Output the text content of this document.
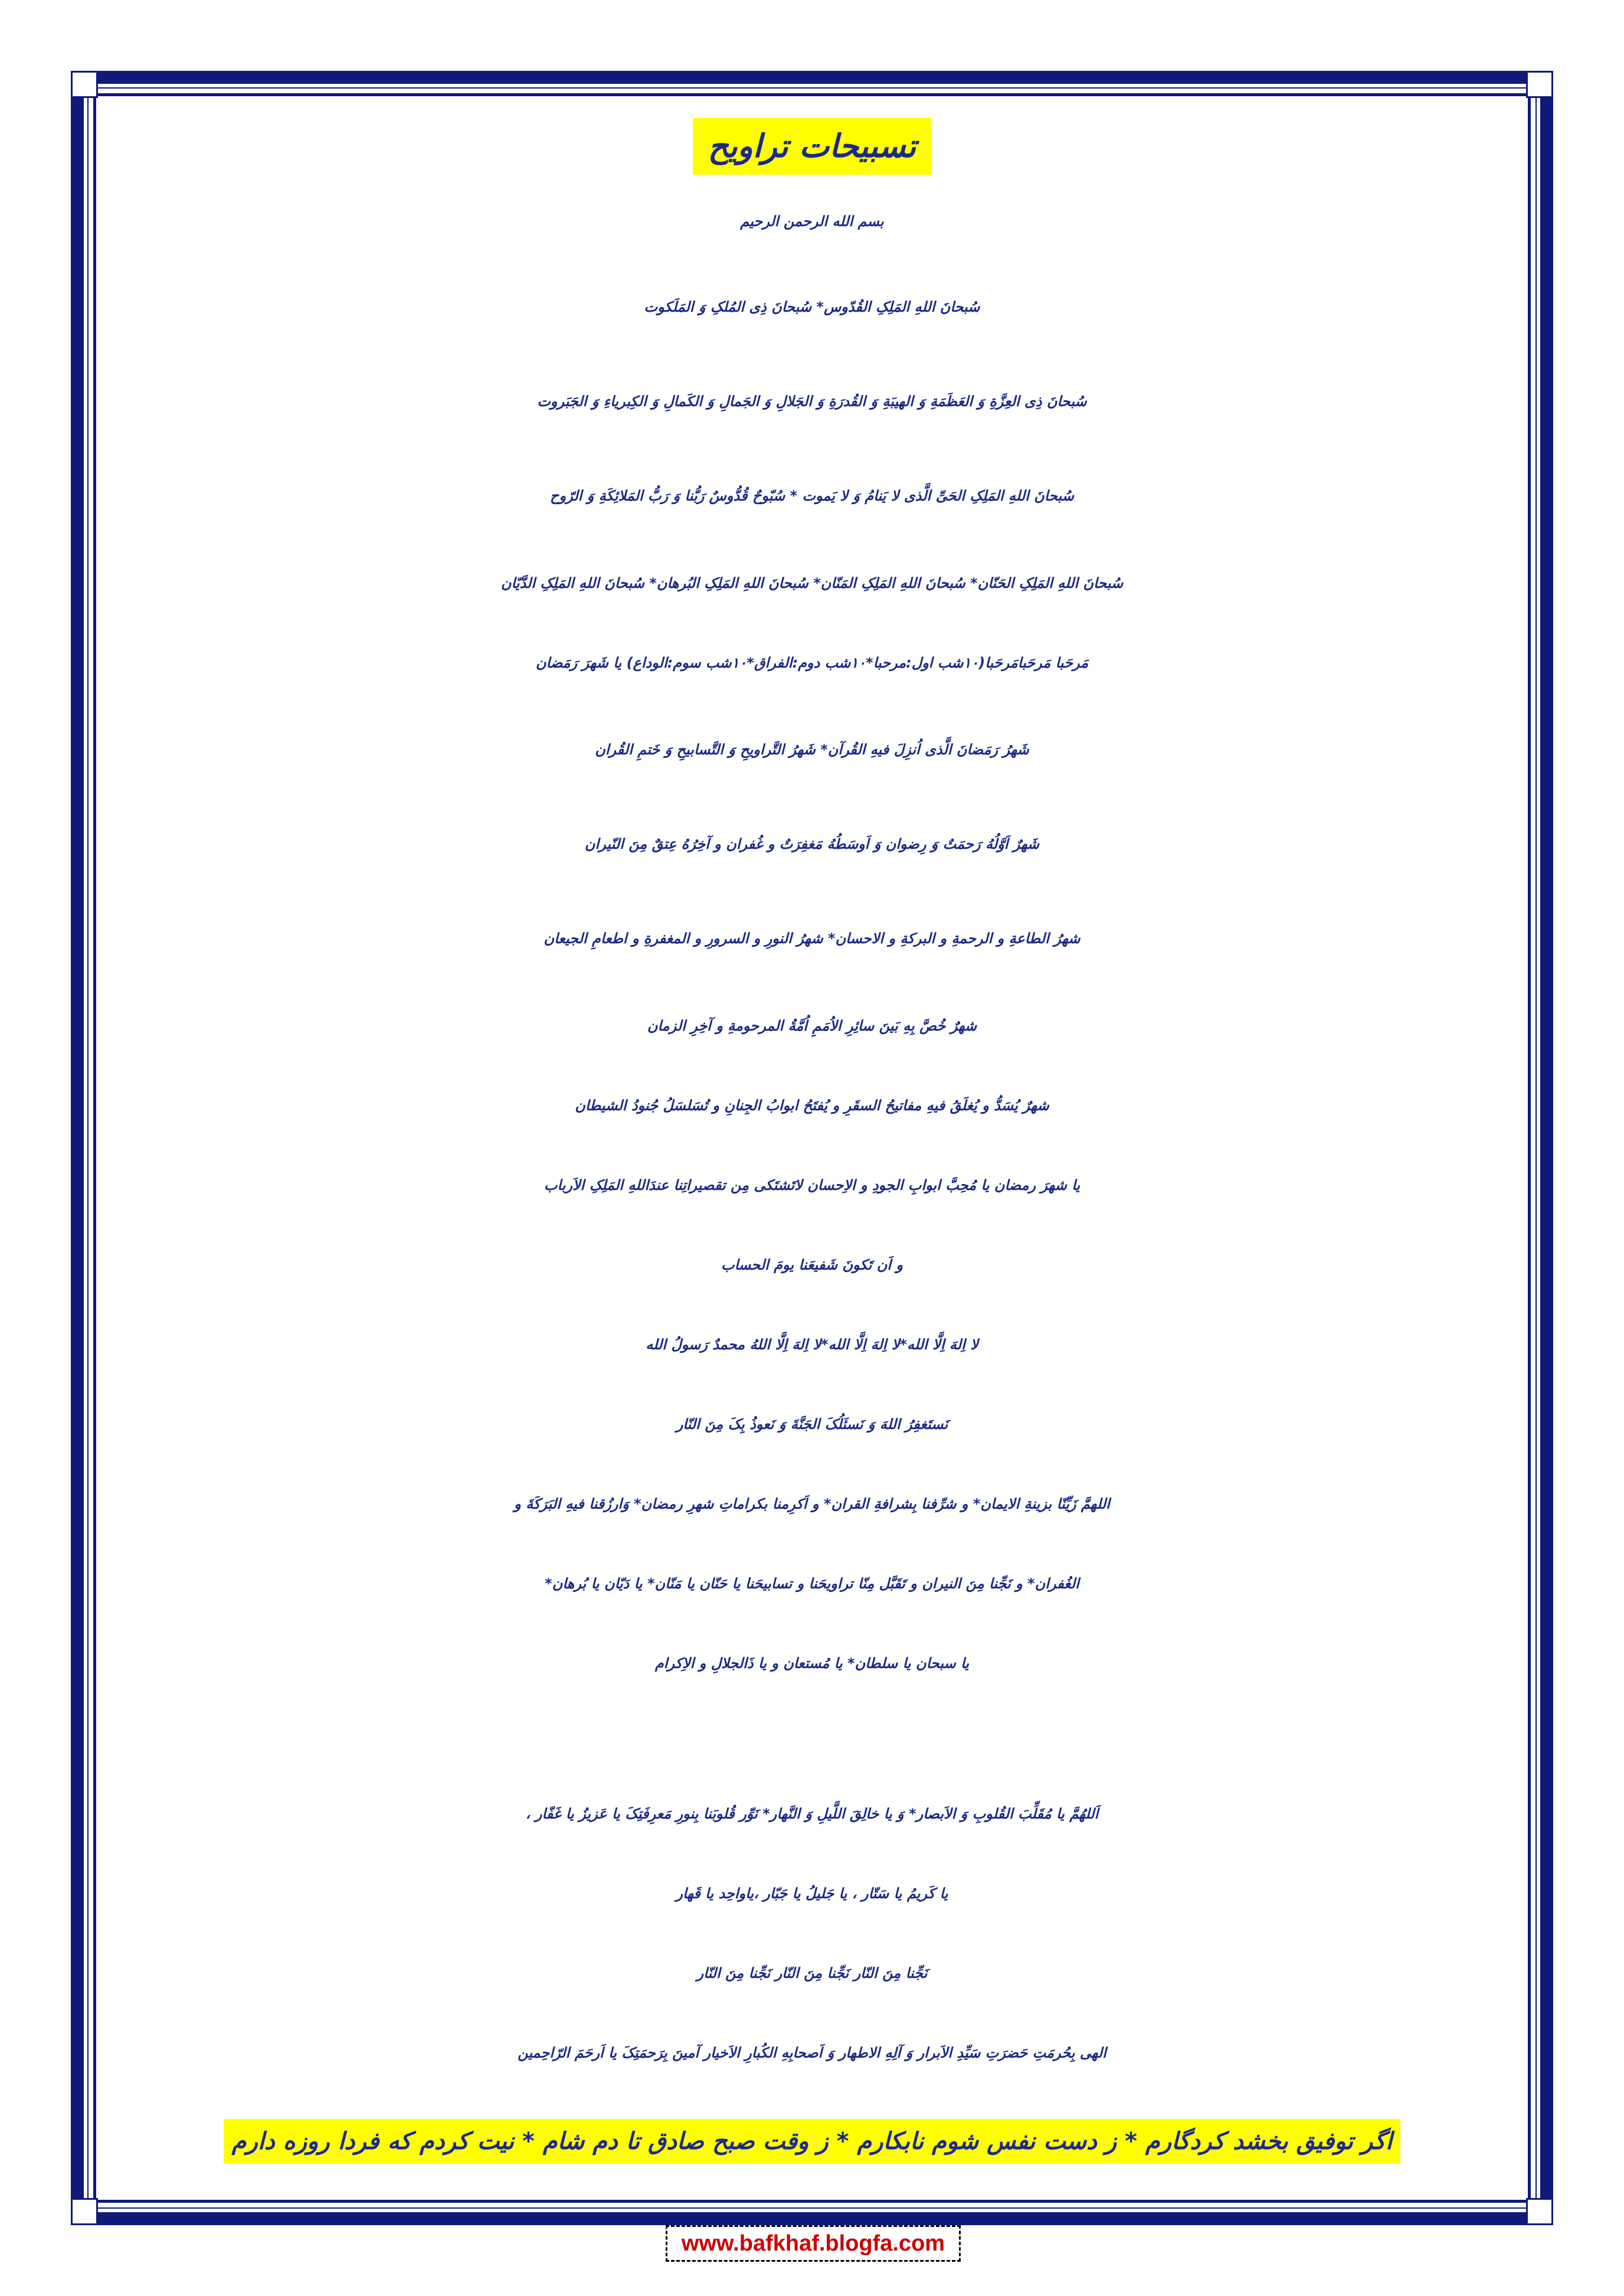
تسبيحات تراويح
بسم الله الرحمن الرحيم
سُبحانَ اللهِ المَلِکِ القُدّوس* سُبحانَ ذِی المُلکِ وَ المَلَکوت
سُبحانَ ذِی العِزَّةِ وَ العَظَمَةِ وَ الهیبَةِ وَ القُدرَةِ وَ الجَلالِ وَ الجَمالِ وَ الکَمالِ وَ الکِبریاءِ وَ الجَبَروت
سُبحانَ اللهِ المَلِکِ الحَیِّ الَّذی لا یَنامُ وَ لا یَموت * سُبّوحٌ قُدُّوسٌ رَبُّنا وَ رَبُّ المَلائِکَةِ وَ الرّوح
سُبحانَ اللهِ المَلِکِ الحَنّان* سُبحانَ اللهِ المَلِکِ المَنّان* سُبحانَ اللهِ المَلِکِ البُرهان* سُبحانَ اللهِ المَلِکِ الدَّیّان
مَرحَبا مَرحَبامَرحَبا(۱۰شب اول:مرحبا*۱۰شب دوم:الفراق*۱۰شب سوم:الوداع) یا شَهرَ رَمَضان
شَهرُ رَمَضانَ الَّذی اُنزِلَ فیهِ القُرآن* شَهرُ التَّراویحِ وَ التَّسابیحِ وَ خَتمِ القُران
شَهرٌ اَوَّلُهُ رَحمَتٌ وَ رِضوان وَ اَوسَطُهُ مَغفِرَتٌ و غُفران و آخِرُهُ عِتقٌ مِنَ النّیران
شهرُ الطاعةِ و الرحمةِ و البرکةِ و الاحسان* شهرُ النورِ و السرورِ و المغفرةِ و اطعامِ الجیعان
شهرٌ خُصَّ بِهِ بَینَ سائِرِ الاُمَمِ اُمَّةُ المرحومةِ و آخِرِ الزمان
شهرٌ یُسَدُّ و یُغلَقُ فیهِ مفاتیحُ السقَرِ و یُفتَحُ ابوابُ الجِنانِ و تُسَلسَلُ جُنودُ الشیطان
یا شهرَ رمضان یا مُحِبَّ ابوابِ الجودِ و الاِحسان لاتَشتَکی مِن تقصیراتِنا عندَاللهِ المَلِکِ الاَرباب
و اَن تَکونَ شَفیعَنا یومَ الحساب
لا اِلهَ اِلَّا الله*لا اِلهَ اِلَّا الله*لا اِلهَ اِلَّا اللهُ محمدٌ رَسولُ الله
نَستَغفِرُ اللهَ وَ نَسئَلُکَ الجَنَّةَ وَ نَعوذُ بِکَ مِنَ النّار
اللهمَّ زَیِّنّا بزینةِ الایمان* و شرِّفنا بِشرافةِ القران* و اَکرِمنا بکراماتِ شهرِ رمضان* وَارزُقنا فیهِ البَرَکَةَ و
الغُفران* و نَجِّنا مِنَ النیران و تَقَبَّل مِنّا تراویحَنا و تسابیحَنا یا حَنّان یا مَنّان* یا دَیّان یا بُرهان*
یا سبحان یا سلطان* یا مُستعان و یا ذَالجلالِ و الاِکرام
اَللهُمَّ یا مُقَلِّبَ القُلوبِ وَ الاَبصار* وَ یا خالِقَ اللَّیلِ وَ النَّهار* نَوِّر قُلوبَنا بِنورِ مَعرِفَتِکَ یا عَزیزُ یا غَفّار ،
یا کَریمُ یا سَتّار ، یا جَلیلُ یا جَبّار ،یاواحِد یا قَهار
نَجِّنا مِنَ النّار نَجِّنا مِنَ النّار نَجِّنا مِنَ النّار
الهی بِحُرمَتِ حَضرَتِ سَیِّدِ الاَبرار وَ آلِهِ الاطهار وَ اَصحابِهِ الکُبارِ الاَخیار آمینَ بِرَحمَتِکَ یا اَرحَمَ الرّاحِمین
اگر توفیق بخشد کردگارم * ز دست نفس شوم نابکارم * ز وقت صبح صادق تا دم شام * نیت کردم که فردا روزه دارم
www.bafkhaf.blogfa.com
